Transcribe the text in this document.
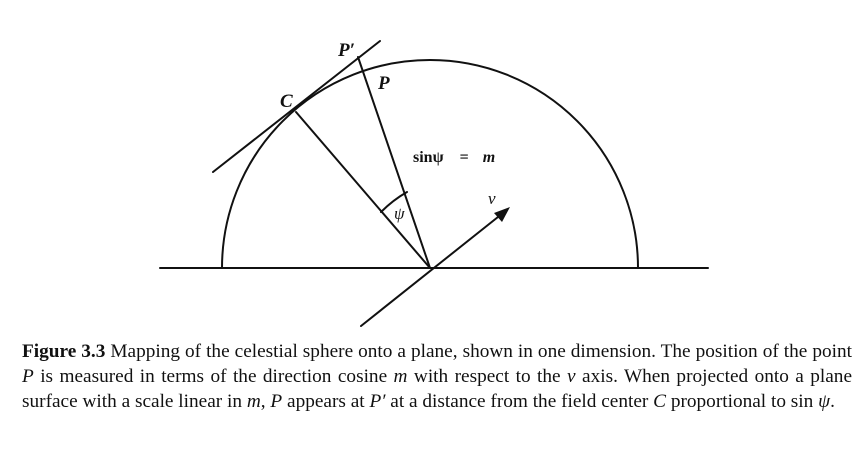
P′
P
C
sinψ = m
ψ
v
Figure 3.3 Mapping of the celestial sphere onto a plane, shown in one dimension. The position of the point P is measured in terms of the direction cosine m with respect to the v axis. When projected onto a plane surface with a scale linear in m, P appears at P′ at a distance from the field center C proportional to sin ψ.
